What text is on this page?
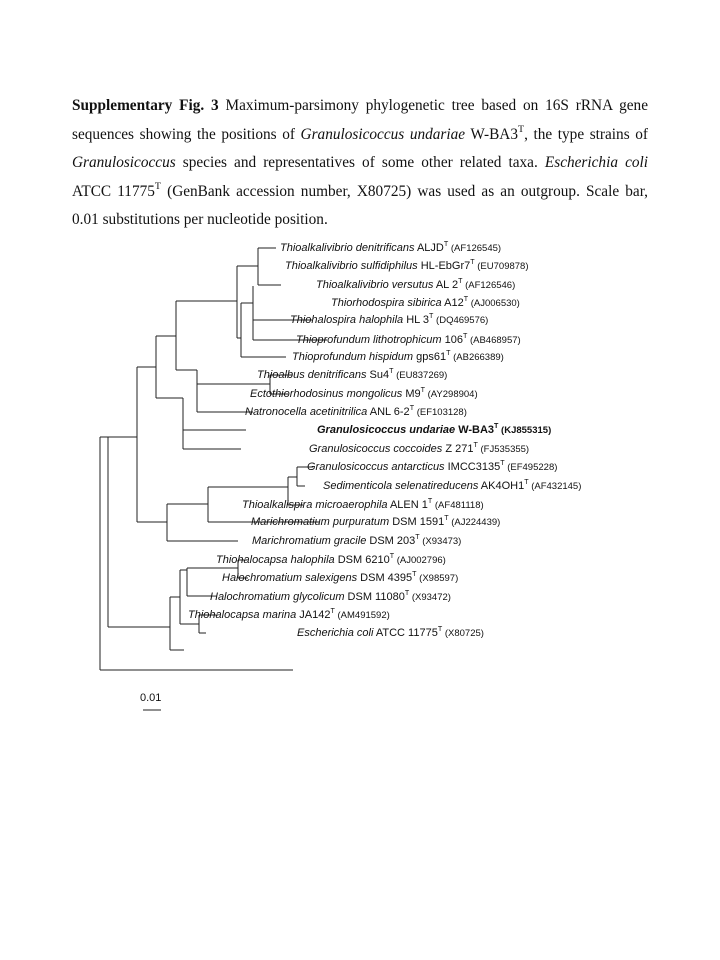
Supplementary Fig. 3 Maximum-parsimony phylogenetic tree based on 16S rRNA gene sequences showing the positions of Granulosicoccus undariae $W-BA3^T$, the type strains of Granulosicoccus species and representatives of some other related taxa. Escherichia coli ATCC $11775^T$ (GenBank accession number, X80725) was used as an outgroup. Scale bar, 0.01 substitutions per nucleotide position.
Thioalkalivibrio denitrificans $ALJD^T$ (AF126545)
Thioalkalivibrio sulfidiphilus $HL-EbGr7^T$ (EU709878)
Thioalkalivibrio versutus AL $2^T$ (AF126546)
Thiorhodospira sibirica $A12^T$ (AJ006530)
Thiohalospira halophila HL $3^T$ (DQ469576)
Thioprofundum lithotrophicum $106^T$ (AB468957)
Thioprofundum hispidum $gps61^T$ (AB266389)
Thioalbus denitrificans $Su4^T$ (EU837269)
Ectothiorhodosinus mongolicus $M9^T$ (AY298904)
Natronocella acetinitrilica ANL $6-2^T$ (EF103128)
Granulosicoccus undariae $W-BA3^T$ (KJ855315)
Granulosicoccus coccoides Z $271^T$ (FJ535355)
Granulosicoccus antarcticus $IMCC3135^T$ (EF495228)
Sedimenticola selenatireducens $AK4OH1^T$ (AF432145)
Thioalkalispira microaerophila ALEN $1^T$ (AF481118)
Marichromatium purpuratum DSM $1591^T$ (AJ224439)
Marichromatium gracile DSM $203^T$ (X93473)
Thiohalocapsa halophila DSM $6210^T$ (AJ002796)
Halochromatium salexigens DSM $4395^T$ (X98597)
Halochromatium glycolicum DSM $11080^T$ (X93472)
Thiohalocapsa marina $JA142^T$ (AM491592)
Escherichia coli ATCC $11775^T$ (X80725)
0.01
